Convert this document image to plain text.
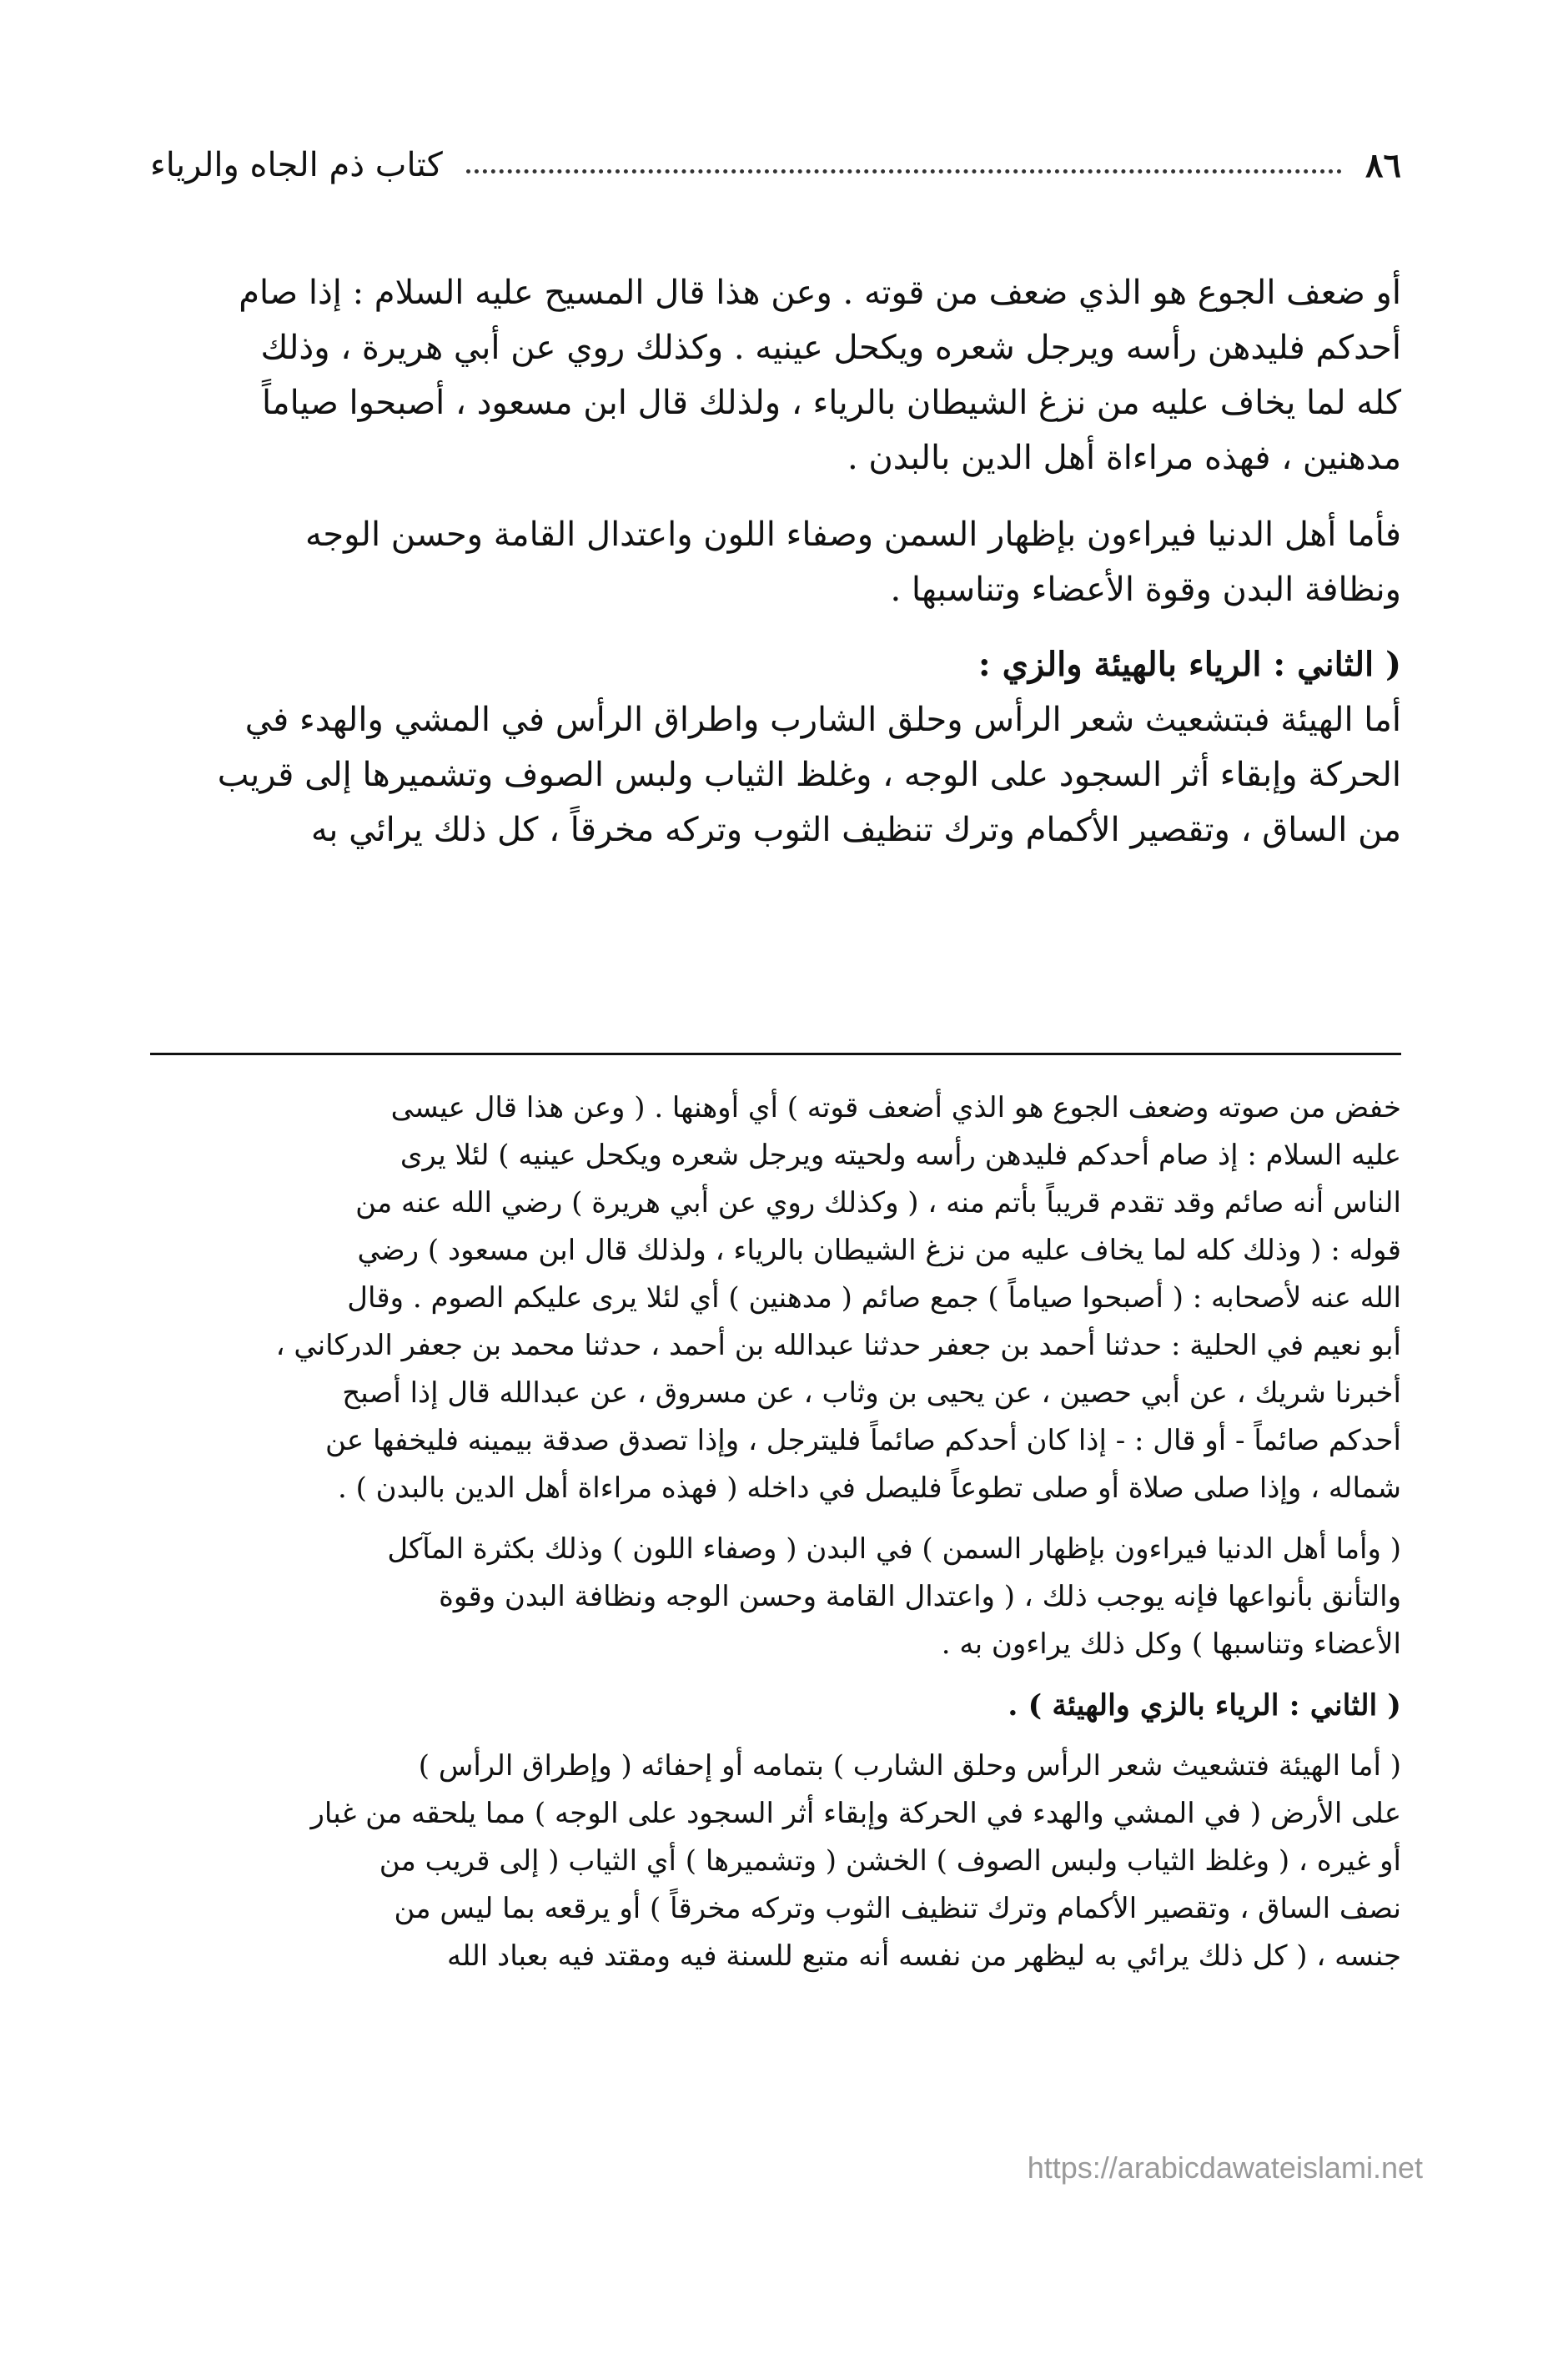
٨٦
كتاب ذم الجاه والرياء

أو ضعف الجوع هو الذي ضعف من قوته . وعن هذا قال المسيح عليه السلام : إذا صام

أحدكم فليدهن رأسه ويرجل شعره ويكحل عينيه . وكذلك روي عن أبي هريرة ، وذلك

كله لما يخاف عليه من نزغ الشيطان بالرياء ، ولذلك قال ابن مسعود ، أصبحوا صياماً

مدهنين ، فهذه مراءاة أهل الدين بالبدن .

فأما أهل الدنيا فيراءون بإظهار السمن وصفاء اللون واعتدال القامة وحسن الوجه

ونظافة البدن وقوة الأعضاء وتناسبها .

( الثاني : الرياء بالهيئة والزي :

أما الهيئة فبتشعيث شعر الرأس وحلق الشارب واطراق الرأس في المشي والهدء في

الحركة وإبقاء أثر السجود على الوجه ، وغلظ الثياب ولبس الصوف وتشميرها إلى قريب

من الساق ، وتقصير الأكمام وترك تنظيف الثوب وتركه مخرقاً ، كل ذلك يرائي به

خفض من صوته وضعف الجوع هو الذي أضعف قوته ) أي أوهنها . ( وعن هذا قال عيسى

عليه السلام : إذ صام أحدكم فليدهن رأسه ولحيته ويرجل شعره ويكحل عينيه ) لئلا يرى

الناس أنه صائم وقد تقدم قريباً بأتم منه ، ( وكذلك روي عن أبي هريرة ) رضي الله عنه من

قوله : ( وذلك كله لما يخاف عليه من نزغ الشيطان بالرياء ، ولذلك قال ابن مسعود ) رضي

الله عنه لأصحابه : ( أصبحوا صياماً ) جمع صائم ( مدهنين ) أي لئلا يرى عليكم الصوم . وقال

أبو نعيم في الحلية : حدثنا أحمد بن جعفر حدثنا عبدالله بن أحمد ، حدثنا محمد بن جعفر الدركاني ،

أخبرنا شريك ، عن أبي حصين ، عن يحيى بن وثاب ، عن مسروق ، عن عبدالله قال إذا أصبح

أحدكم صائماً - أو قال : - إذا كان أحدكم صائماً فليترجل ، وإذا تصدق صدقة بيمينه فليخفها عن

شماله ، وإذا صلى صلاة أو صلى تطوعاً فليصل في داخله ( فهذه مراءاة أهل الدين بالبدن ) .

( وأما أهل الدنيا فيراءون بإظهار السمن ) في البدن ( وصفاء اللون ) وذلك بكثرة المآكل

والتأنق بأنواعها فإنه يوجب ذلك ، ( واعتدال القامة وحسن الوجه ونظافة البدن وقوة

الأعضاء وتناسبها ) وكل ذلك يراءون به .

( الثاني : الرياء بالزي والهيئة ) .

( أما الهيئة فتشعيث شعر الرأس وحلق الشارب ) بتمامه أو إحفائه ( وإطراق الرأس )

على الأرض ( في المشي والهدء في الحركة وإبقاء أثر السجود على الوجه ) مما يلحقه من غبار

أو غيره ، ( وغلظ الثياب ولبس الصوف ) الخشن ( وتشميرها ) أي الثياب ( إلى قريب من

نصف الساق ، وتقصير الأكمام وترك تنظيف الثوب وتركه مخرقاً ) أو يرقعه بما ليس من

جنسه ، ( كل ذلك يرائي به ليظهر من نفسه أنه متبع للسنة فيه ومقتد فيه بعباد الله

https://arabicdawateislami.net
